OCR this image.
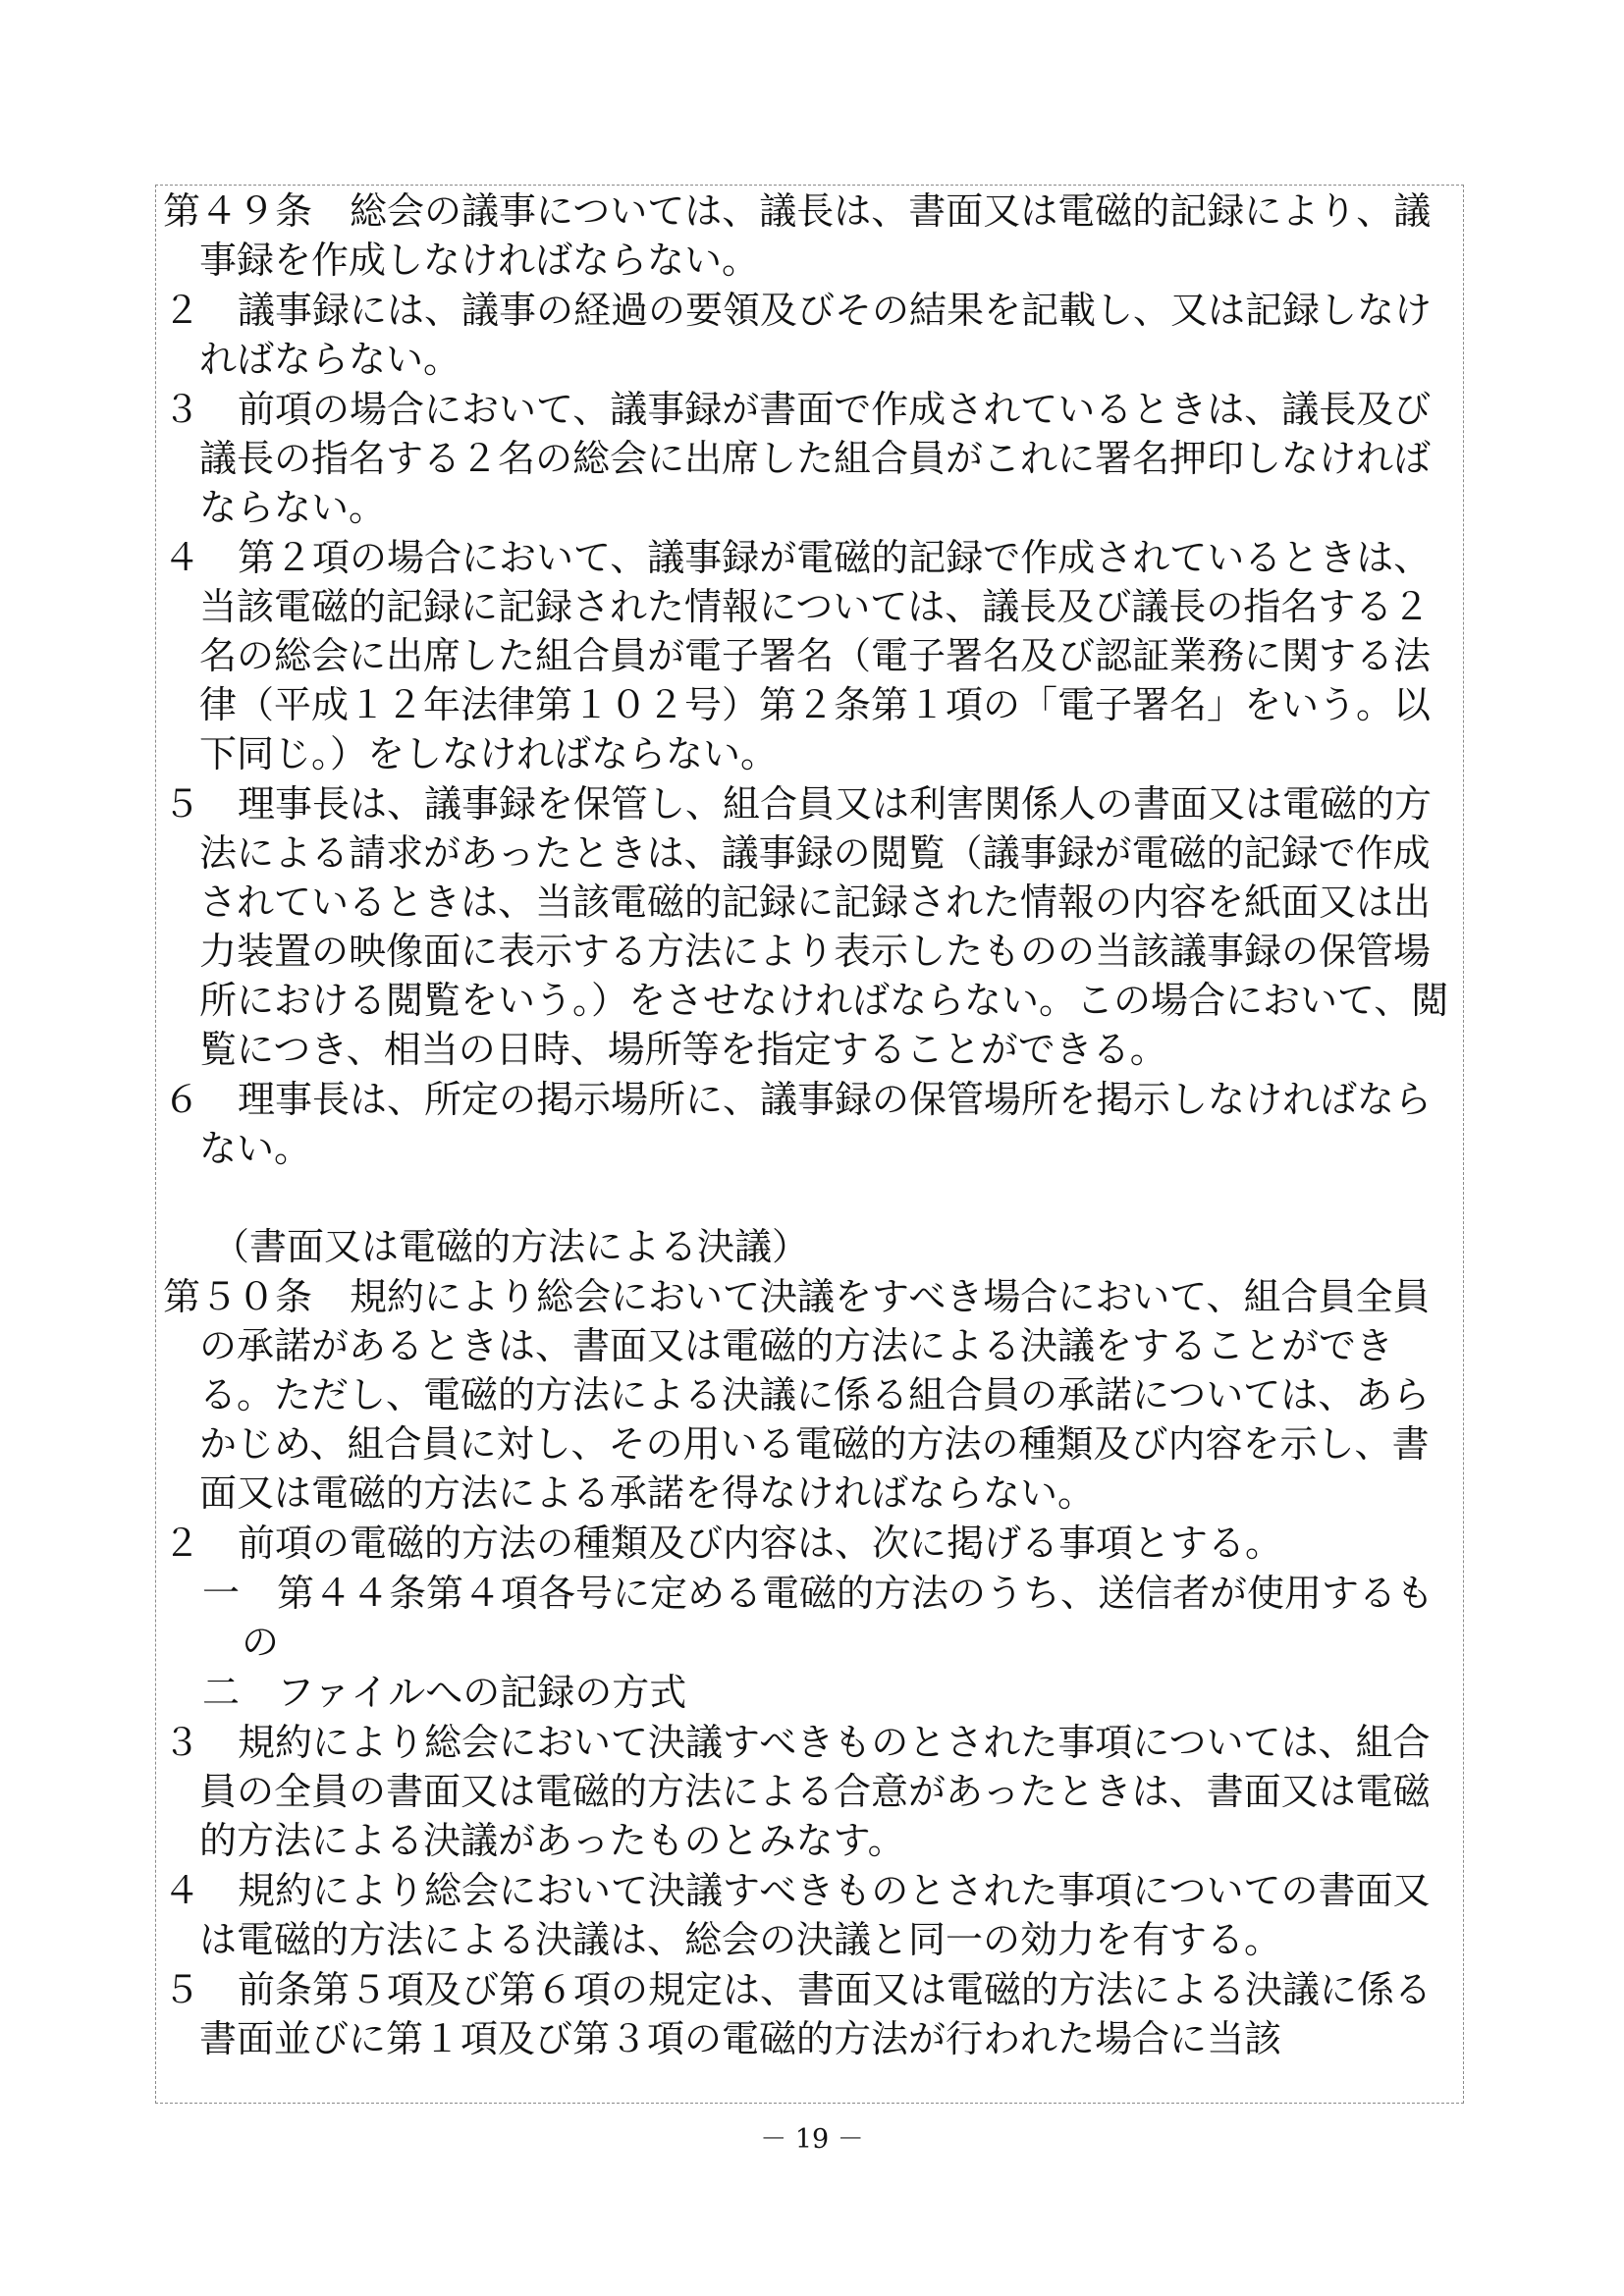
第４９条　総会の議事については、議長は、書面又は電磁的記録により、議事録を作成しなければならない。

２　議事録には、議事の経過の要領及びその結果を記載し、又は記録しなければならない。

３　前項の場合において、議事録が書面で作成されているときは、議長及び議長の指名する２名の総会に出席した組合員がこれに署名押印しなければならない。

４　第２項の場合において、議事録が電磁的記録で作成されているときは、当該電磁的記録に記録された情報については、議長及び議長の指名する２名の総会に出席した組合員が電子署名（電子署名及び認証業務に関する法律（平成１２年法律第１０２号）第２条第１項の「電子署名」をいう。以下同じ。）をしなければならない。

５　理事長は、議事録を保管し、組合員又は利害関係人の書面又は電磁的方法による請求があったときは、議事録の閲覧（議事録が電磁的記録で作成されているときは、当該電磁的記録に記録された情報の内容を紙面又は出力装置の映像面に表示する方法により表示したものの当該議事録の保管場所における閲覧をいう。）をさせなければならない。この場合において、閲覧につき、相当の日時、場所等を指定することができる。

６　理事長は、所定の掲示場所に、議事録の保管場所を掲示しなければならない。

（書面又は電磁的方法による決議）

第５０条　規約により総会において決議をすべき場合において、組合員全員の承諾があるときは、書面又は電磁的方法による決議をすることができる。ただし、電磁的方法による決議に係る組合員の承諾については、あらかじめ、組合員に対し、その用いる電磁的方法の種類及び内容を示し、書面又は電磁的方法による承諾を得なければならない。

２　前項の電磁的方法の種類及び内容は、次に掲げる事項とする。

一　第４４条第４項各号に定める電磁的方法のうち、送信者が使用するもの

二　ファイルへの記録の方式

３　規約により総会において決議すべきものとされた事項については、組合員の全員の書面又は電磁的方法による合意があったときは、書面又は電磁的方法による決議があったものとみなす。

４　規約により総会において決議すべきものとされた事項についての書面又は電磁的方法による決議は、総会の決議と同一の効力を有する。

５　前条第５項及び第６項の規定は、書面又は電磁的方法による決議に係る書面並びに第１項及び第３項の電磁的方法が行われた場合に当該

－ 19 －
